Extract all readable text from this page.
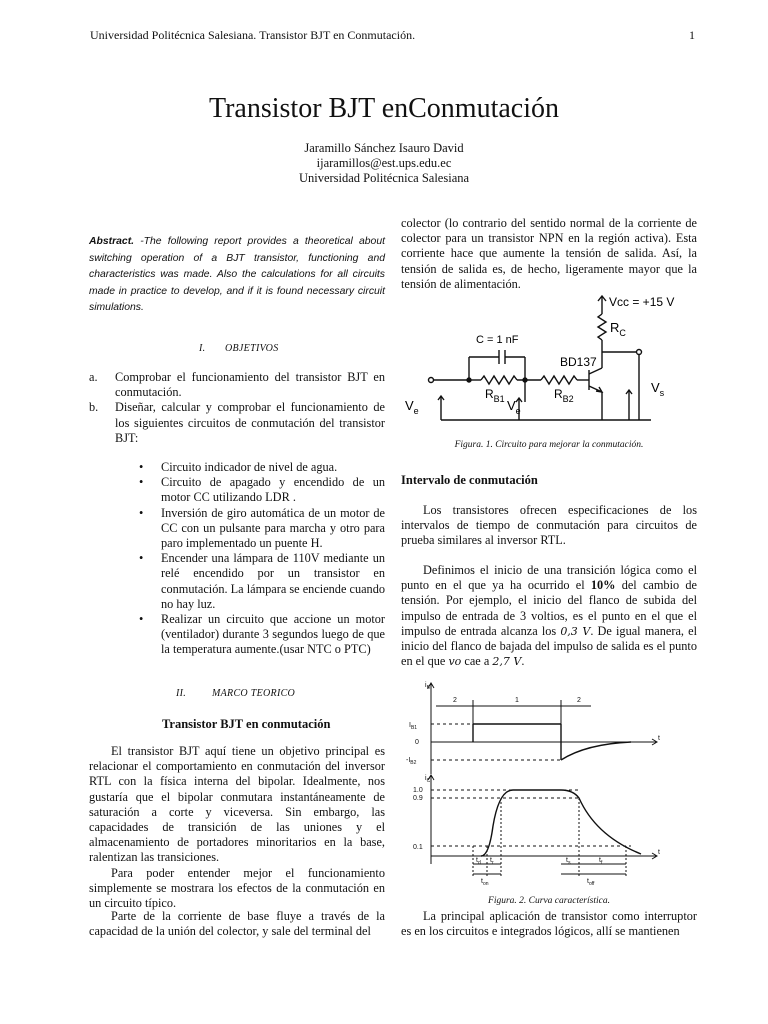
Universidad Politécnica Salesiana. Transistor BJT en Conmutación.	1
Transistor BJT enConmutación
Jaramillo Sánchez Isauro David
ijaramillos@est.ups.edu.ec
Universidad Politécnica Salesiana
Abstract. -The following report provides a theoretical about switching operation of a BJT transistor, functioning and characteristics was made. Also the calculations for all circuits made in practice to develop, and if it is found necessary circuit simulations.
I. OBJETIVOS
a.	Comprobar el funcionamiento del transistor BJT en conmutación.
b.	Diseñar, calcular y comprobar el funcionamiento de los siguientes circuitos de conmutación del transistor BJT:
•	Circuito indicador de nivel de agua.
•	Circuito de apagado y encendido de un motor CC utilizando LDR .
•	Inversión de giro automática de un motor de CC con un pulsante para marcha y otro para paro implementado un puente H.
•	Encender una lámpara de 110V mediante un relé encendido por un transistor en conmutación. La lámpara se enciende cuando no hay luz.
•	Realizar un circuito que accione un motor (ventilador) durante 3 segundos luego de que la temperatura aumente.(usar NTC o PTC)
II.	MARCO TEORICO
Transistor BJT en conmutación
El transistor BJT aquí tiene un objetivo principal es relacionar el comportamiento en conmutación del inversor RTL con la física interna del bipolar. Idealmente, nos gustaría que el bipolar conmutara instantáneamente de saturación a corte y viceversa. Sin embargo, las capacidades de transición de las uniones y el almacenamiento de portadores minoritarios en la base, ralentizan las transiciones.
Para poder entender mejor el funcionamiento simplemente se mostrara los efectos de la conmutación en un circuito típico.
Parte de la corriente de base fluye a través de la capacidad de la unión del colector, y sale del terminal del
colector (lo contrario del sentido normal de la corriente de colector para un transistor NPN en la región activa). Esta corriente hace que aumente la tensión de salida. Así, la tensión de salida es, de hecho, ligeramente mayor que la tensión de alimentación.
Vcc = +15 V
C = 1 nF
$R_C$
BD137
$R_{B1}$	$R_{B2}$
$V_e$	$V_e$
$V_s$
Figura. 1. Circuito para mejorar la conmutación.
Intervalo de conmutación
Los transistores ofrecen especificaciones de los intervalos de tiempo de conmutación para circuitos de prueba similares al inversor RTL.
Definimos el inicio de una transición lógica como el punto en el que ya ha ocurrido el 10% del cambio de tensión. Por ejemplo, el inicio del flanco de subida del impulso de entrada de 3 voltios, es el punto en el que el impulso de entrada alcanza los 0,3 V. De igual manera, el inicio del flanco de bajada del impulso de salida es el punto en el que vo cae a 2,7 V.
$i_B$
2	1	2
$I_{B1}$
0
$-I_{B2}$
t
$i_C$
1.0
0.9
0.1
t
$t_d$ $t_r$
$t_{on}$
$t_s$	$t_f$
$t_{off}$
Figura. 2. Curva característica.
La principal aplicación de transistor como interruptor es en los circuitos e integrados lógicos, allí se mantienen
